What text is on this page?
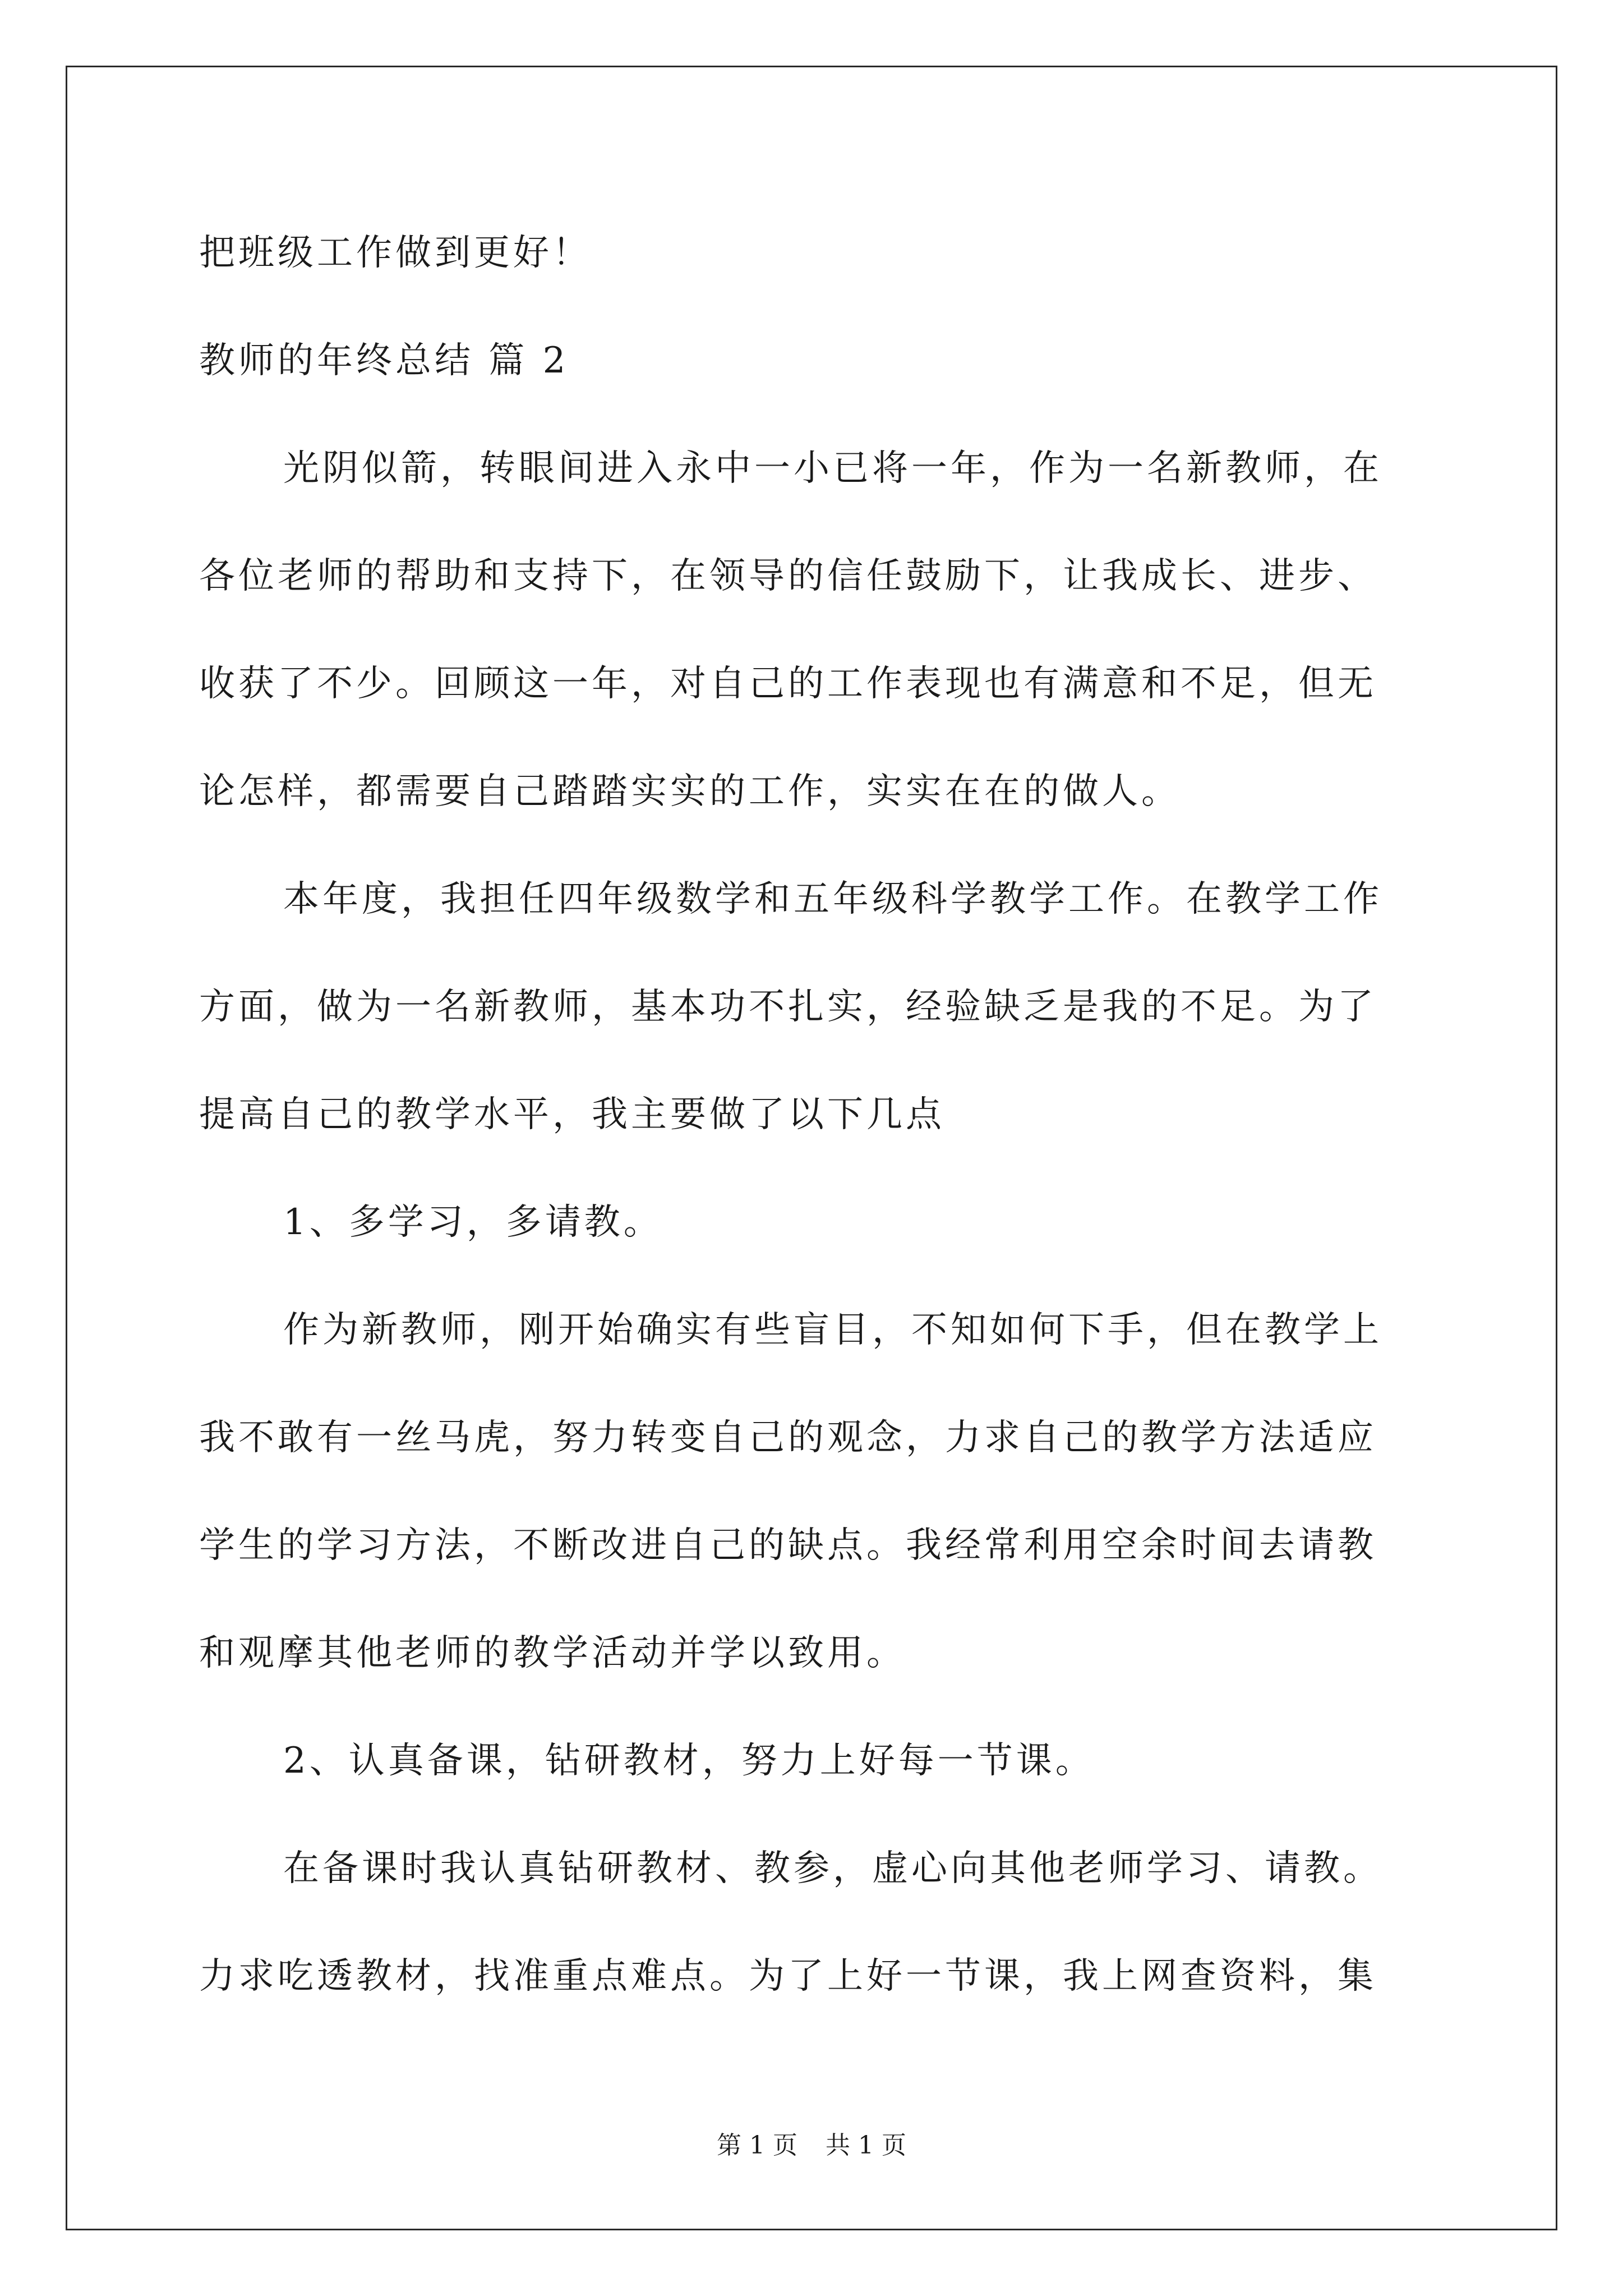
把班级工作做到更好！
教师的年终总结 篇 2
光阴似箭，转眼间进入永中一小已将一年，作为一名新教师，在
各位老师的帮助和支持下，在领导的信任鼓励下，让我成长、进步、
收获了不少。回顾这一年，对自己的工作表现也有满意和不足，但无
论怎样，都需要自己踏踏实实的工作，实实在在的做人。
本年度，我担任四年级数学和五年级科学教学工作。在教学工作
方面，做为一名新教师，基本功不扎实，经验缺乏是我的不足。为了
提高自己的教学水平，我主要做了以下几点
1、多学习，多请教。
作为新教师，刚开始确实有些盲目，不知如何下手，但在教学上
我不敢有一丝马虎，努力转变自己的观念，力求自己的教学方法适应
学生的学习方法，不断改进自己的缺点。我经常利用空余时间去请教
和观摩其他老师的教学活动并学以致用。
2、认真备课，钻研教材，努力上好每一节课。
在备课时我认真钻研教材、教参，虚心向其他老师学习、请教。
力求吃透教材，找准重点难点。为了上好一节课，我上网查资料，集
第 1 页 共 1 页
